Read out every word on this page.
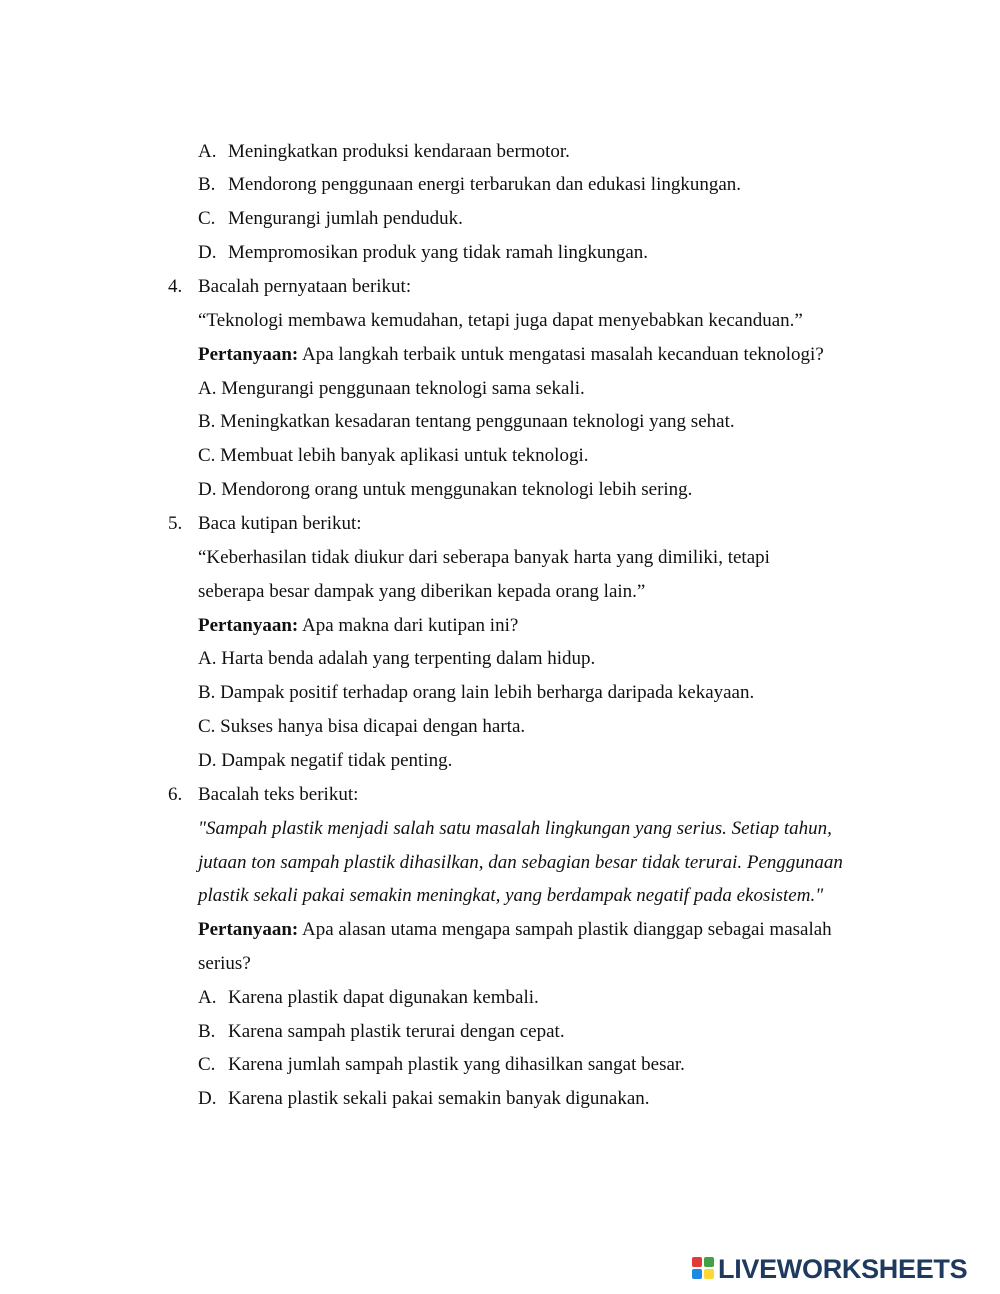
A. Meningkatkan produksi kendaraan bermotor.
B. Mendorong penggunaan energi terbarukan dan edukasi lingkungan.
C. Mengurangi jumlah penduduk.
D. Mempromosikan produk yang tidak ramah lingkungan.
4. Bacalah pernyataan berikut:
“Teknologi membawa kemudahan, tetapi juga dapat menyebabkan kecanduan.”
Pertanyaan: Apa langkah terbaik untuk mengatasi masalah kecanduan teknologi?
A. Mengurangi penggunaan teknologi sama sekali.
B. Meningkatkan kesadaran tentang penggunaan teknologi yang sehat.
C. Membuat lebih banyak aplikasi untuk teknologi.
D. Mendorong orang untuk menggunakan teknologi lebih sering.
5. Baca kutipan berikut:
“Keberhasilan tidak diukur dari seberapa banyak harta yang dimiliki, tetapi
seberapa besar dampak yang diberikan kepada orang lain.”
Pertanyaan: Apa makna dari kutipan ini?
A. Harta benda adalah yang terpenting dalam hidup.
B. Dampak positif terhadap orang lain lebih berharga daripada kekayaan.
C. Sukses hanya bisa dicapai dengan harta.
D. Dampak negatif tidak penting.
6. Bacalah teks berikut:
"Sampah plastik menjadi salah satu masalah lingkungan yang serius. Setiap tahun,
jutaan ton sampah plastik dihasilkan, dan sebagian besar tidak terurai. Penggunaan
plastik sekali pakai semakin meningkat, yang berdampak negatif pada ekosistem."
Pertanyaan: Apa alasan utama mengapa sampah plastik dianggap sebagai masalah
serius?
A. Karena plastik dapat digunakan kembali.
B. Karena sampah plastik terurai dengan cepat.
C. Karena jumlah sampah plastik yang dihasilkan sangat besar.
D. Karena plastik sekali pakai semakin banyak digunakan.
LIVEWORKSHEETS
